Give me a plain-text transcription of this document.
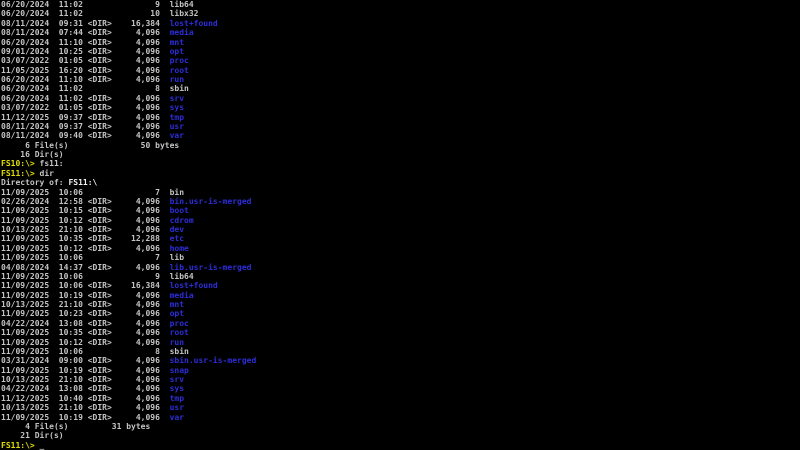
06/20/2024  11:02               9  lib64
06/20/2024  11:02              10  libx32
08/11/2024  09:31 <DIR>    16,384  lost+found
08/11/2024  07:44 <DIR>     4,096  media
06/20/2024  11:10 <DIR>     4,096  mnt
09/01/2024  10:25 <DIR>     4,096  opt
03/07/2022  01:05 <DIR>     4,096  proc
11/05/2025  16:20 <DIR>     4,096  root
06/20/2024  11:10 <DIR>     4,096  run
06/20/2024  11:02               8  sbin
06/20/2024  11:02 <DIR>     4,096  srv
03/07/2022  01:05 <DIR>     4,096  sys
11/12/2025  09:37 <DIR>     4,096  tmp
08/11/2024  09:37 <DIR>     4,096  usr
08/11/2024  09:40 <DIR>     4,096  var
6 File(s)               50 bytes
16 Dir(s)
FS10:\> fs11:
FS11:\> dir
Directory of: FS11:\
11/09/2025  10:06               7  bin
02/26/2024  12:58 <DIR>     4,096  bin.usr-is-merged
11/09/2025  10:15 <DIR>     4,096  boot
11/09/2025  10:12 <DIR>     4,096  cdrom
10/13/2025  21:10 <DIR>     4,096  dev
11/09/2025  10:35 <DIR>    12,288  etc
11/09/2025  10:12 <DIR>     4,096  home
11/09/2025  10:06               7  lib
04/08/2024  14:37 <DIR>     4,096  lib.usr-is-merged
11/09/2025  10:06               9  lib64
11/09/2025  10:06 <DIR>    16,384  lost+found
11/09/2025  10:19 <DIR>     4,096  media
10/13/2025  21:10 <DIR>     4,096  mnt
11/09/2025  10:23 <DIR>     4,096  opt
04/22/2024  13:08 <DIR>     4,096  proc
11/09/2025  10:35 <DIR>     4,096  root
11/09/2025  10:12 <DIR>     4,096  run
11/09/2025  10:06               8  sbin
03/31/2024  09:00 <DIR>     4,096  sbin.usr-is-merged
11/09/2025  10:19 <DIR>     4,096  snap
10/13/2025  21:10 <DIR>     4,096  srv
04/22/2024  13:08 <DIR>     4,096  sys
11/12/2025  10:40 <DIR>     4,096  tmp
10/13/2025  21:10 <DIR>     4,096  usr
11/09/2025  10:19 <DIR>     4,096  var
4 File(s)         31 bytes
21 Dir(s)
FS11:\> _
